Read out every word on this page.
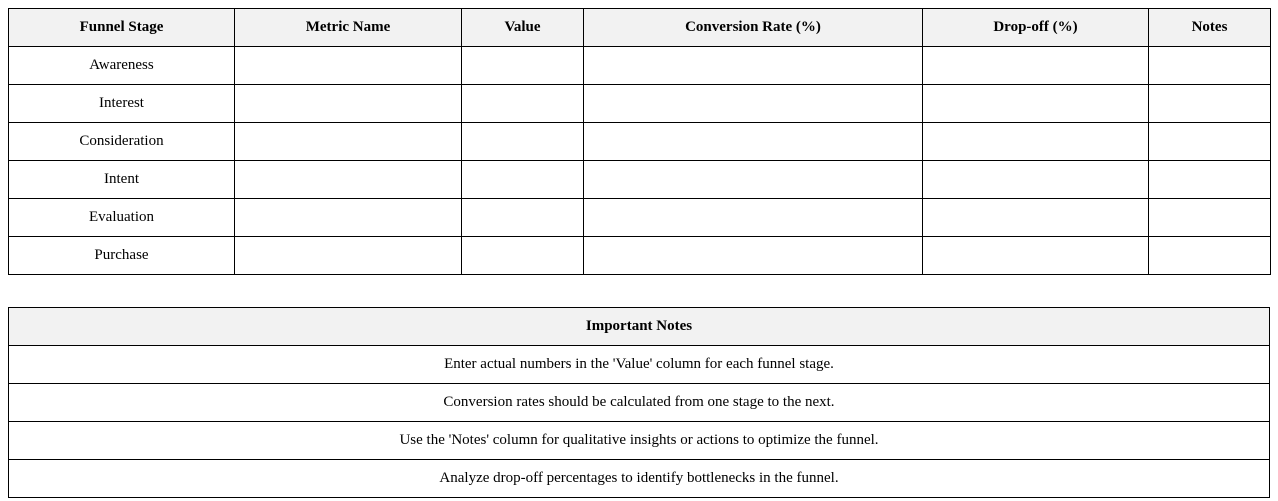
Funnel Stage	Metric Name	Value	Conversion Rate (%)	Drop-off (%)	Notes
Awareness					
Interest					
Consideration					
Intent					
Evaluation					
Purchase					
Important Notes
Enter actual numbers in the 'Value' column for each funnel stage.
Conversion rates should be calculated from one stage to the next.
Use the 'Notes' column for qualitative insights or actions to optimize the funnel.
Analyze drop-off percentages to identify bottlenecks in the funnel.
